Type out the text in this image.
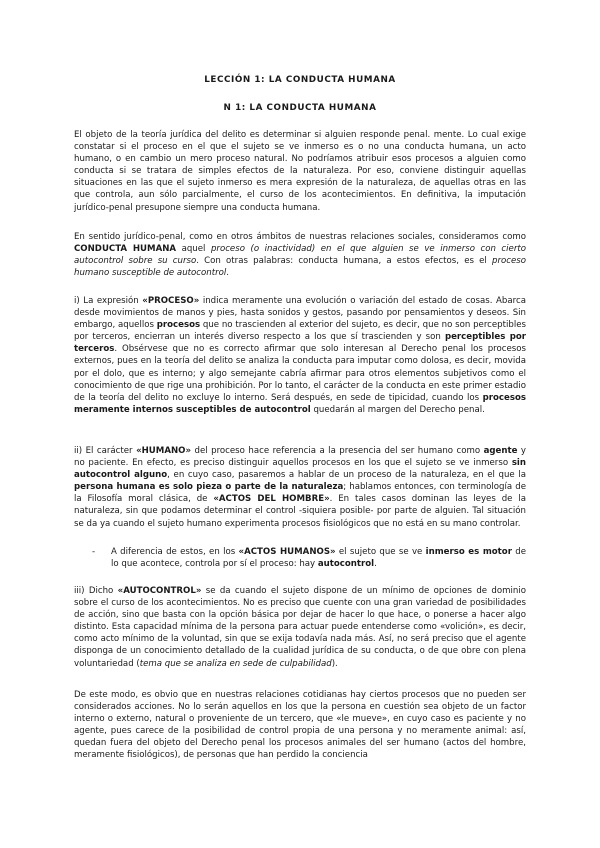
LECCIÓN 1: LA CONDUCTA HUMANA
N 1: LA CONDUCTA HUMANA

El objeto de la teoría jurídica del delito es determinar si alguien responde penal. mente. Lo cual exige constatar si el proceso en el que el sujeto se ve inmerso es o no una conducta humana, un acto humano, o en cambio un mero proceso natural. No podríamos atribuir esos procesos a alguien como conducta si se tratara de simples efectos de la naturaleza. Por eso, conviene distinguir aquellas situaciones en las que el sujeto inmerso es mera expresión de la naturaleza, de aquellas otras en las que controla, aun sólo parcialmente, el curso de los acontecimientos. En definitiva, la imputación jurídico-penal presupone siempre una conducta humana.

En sentido jurídico-penal, como en otros ámbitos de nuestras relaciones sociales, consideramos como CONDUCTA HUMANA aquel proceso (o inactividad) en el que alguien se ve inmerso con cierto autocontrol sobre su curso. Con otras palabras: conducta humana, a estos efectos, es el proceso humano susceptible de autocontrol.

i) La expresión «PROCESO» indica meramente una evolución o variación del estado de cosas. Abarca desde movimientos de manos y pies, hasta sonidos y gestos, pasando por pensamientos y deseos. Sin embargo, aquellos procesos que no trascienden al exterior del sujeto, es decir, que no son perceptibles por terceros, encierran un interés diverso respecto a los que sí trascienden y son perceptibles por terceros. Obsérvese que no es correcto afirmar que solo interesan al Derecho penal los procesos externos, pues en la teoría del delito se analiza la conducta para imputar como dolosa, es decir, movida por el dolo, que es interno; y algo semejante cabría afirmar para otros elementos subjetivos como el conocimiento de que rige una prohibición. Por lo tanto, el carácter de la conducta en este primer estadio de la teoría del delito no excluye lo interno. Será después, en sede de tipicidad, cuando los procesos meramente internos susceptibles de autocontrol quedarán al margen del Derecho penal.

ii) El carácter «HUMANO» del proceso hace referencia a la presencia del ser humano como agente y no paciente. En efecto, es preciso distinguir aquellos procesos en los que el sujeto se ve inmerso sin autocontrol alguno, en cuyo caso, pasaremos a hablar de un proceso de la naturaleza, en el que la persona humana es solo pieza o parte de la naturaleza; hablamos entonces, con terminología de la Filosofía moral clásica, de «ACTOS DEL HOMBRE». En tales casos dominan las leyes de la naturaleza, sin que podamos determinar el control -siquiera posible- por parte de alguien. Tal situación se da ya cuando el sujeto humano experimenta procesos fisiológicos que no está en su mano controlar.

- A diferencia de estos, en los «ACTOS HUMANOS» el sujeto que se ve inmerso es motor de lo que acontece, controla por sí el proceso: hay autocontrol.

iii) Dicho «AUTOCONTROL» se da cuando el sujeto dispone de un mínimo de opciones de dominio sobre el curso de los acontecimientos. No es preciso que cuente con una gran variedad de posibilidades de acción, sino que basta con la opción básica por dejar de hacer lo que hace, o ponerse a hacer algo distinto. Esta capacidad mínima de la persona para actuar puede entenderse como «volición», es decir, como acto mínimo de la voluntad, sin que se exija todavía nada más. Así, no será preciso que el agente disponga de un conocimiento detallado de la cualidad jurídica de su conducta, o de que obre con plena voluntariedad (tema que se analiza en sede de culpabilidad).

De este modo, es obvio que en nuestras relaciones cotidianas hay ciertos procesos que no pueden ser considerados acciones. No lo serán aquellos en los que la persona en cuestión sea objeto de un factor interno o externo, natural o proveniente de un tercero, que «le mueve», en cuyo caso es paciente y no agente, pues carece de la posibilidad de control propia de una persona y no meramente animal: así, quedan fuera del objeto del Derecho penal los procesos animales del ser humano (actos del hombre, meramente fisiológicos), de personas que han perdido la conciencia
